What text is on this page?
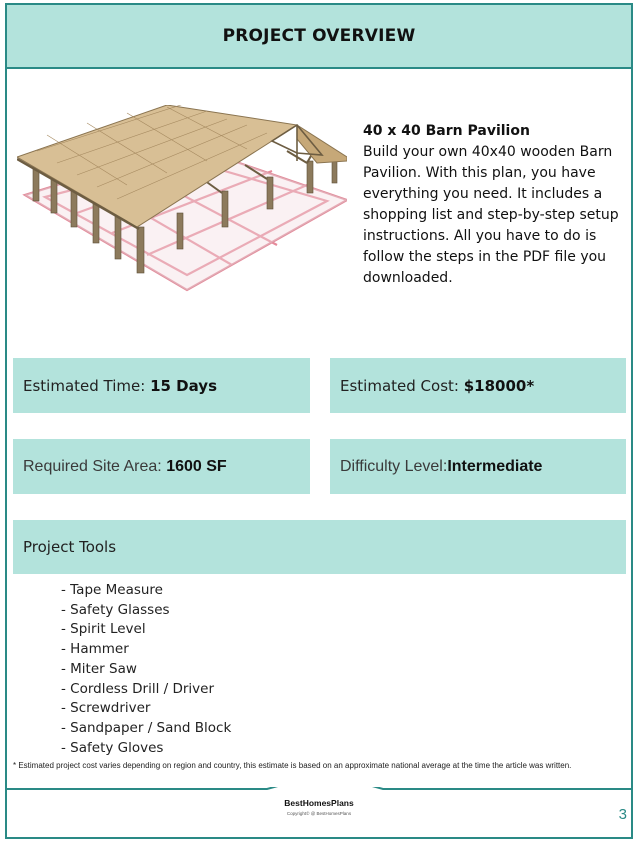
PROJECT OVERVIEW
40 x 40 Barn Pavilion
Build your own 40x40 wooden Barn Pavilion. With this plan, you have everything you need. It includes a shopping list and step-by-step setup instructions. All you have to do is follow the steps in the PDF file you downloaded.
Estimated Time: 15 Days	Estimated Cost: $18000*
Required Site Area: 1600 SF	Difficulty Level: Intermediate
Project Tools
- Tape Measure
- Safety Glasses
- Spirit Level
- Hammer
- Miter Saw
- Cordless Drill / Driver
- Screwdriver
- Sandpaper / Sand Block
- Safety Gloves
* Estimated project cost varies depending on region and country, this estimate is based on an approximate national average at the time the article was written.
BestHomesPlans
Copyright© @ BestHomesPlans	3
